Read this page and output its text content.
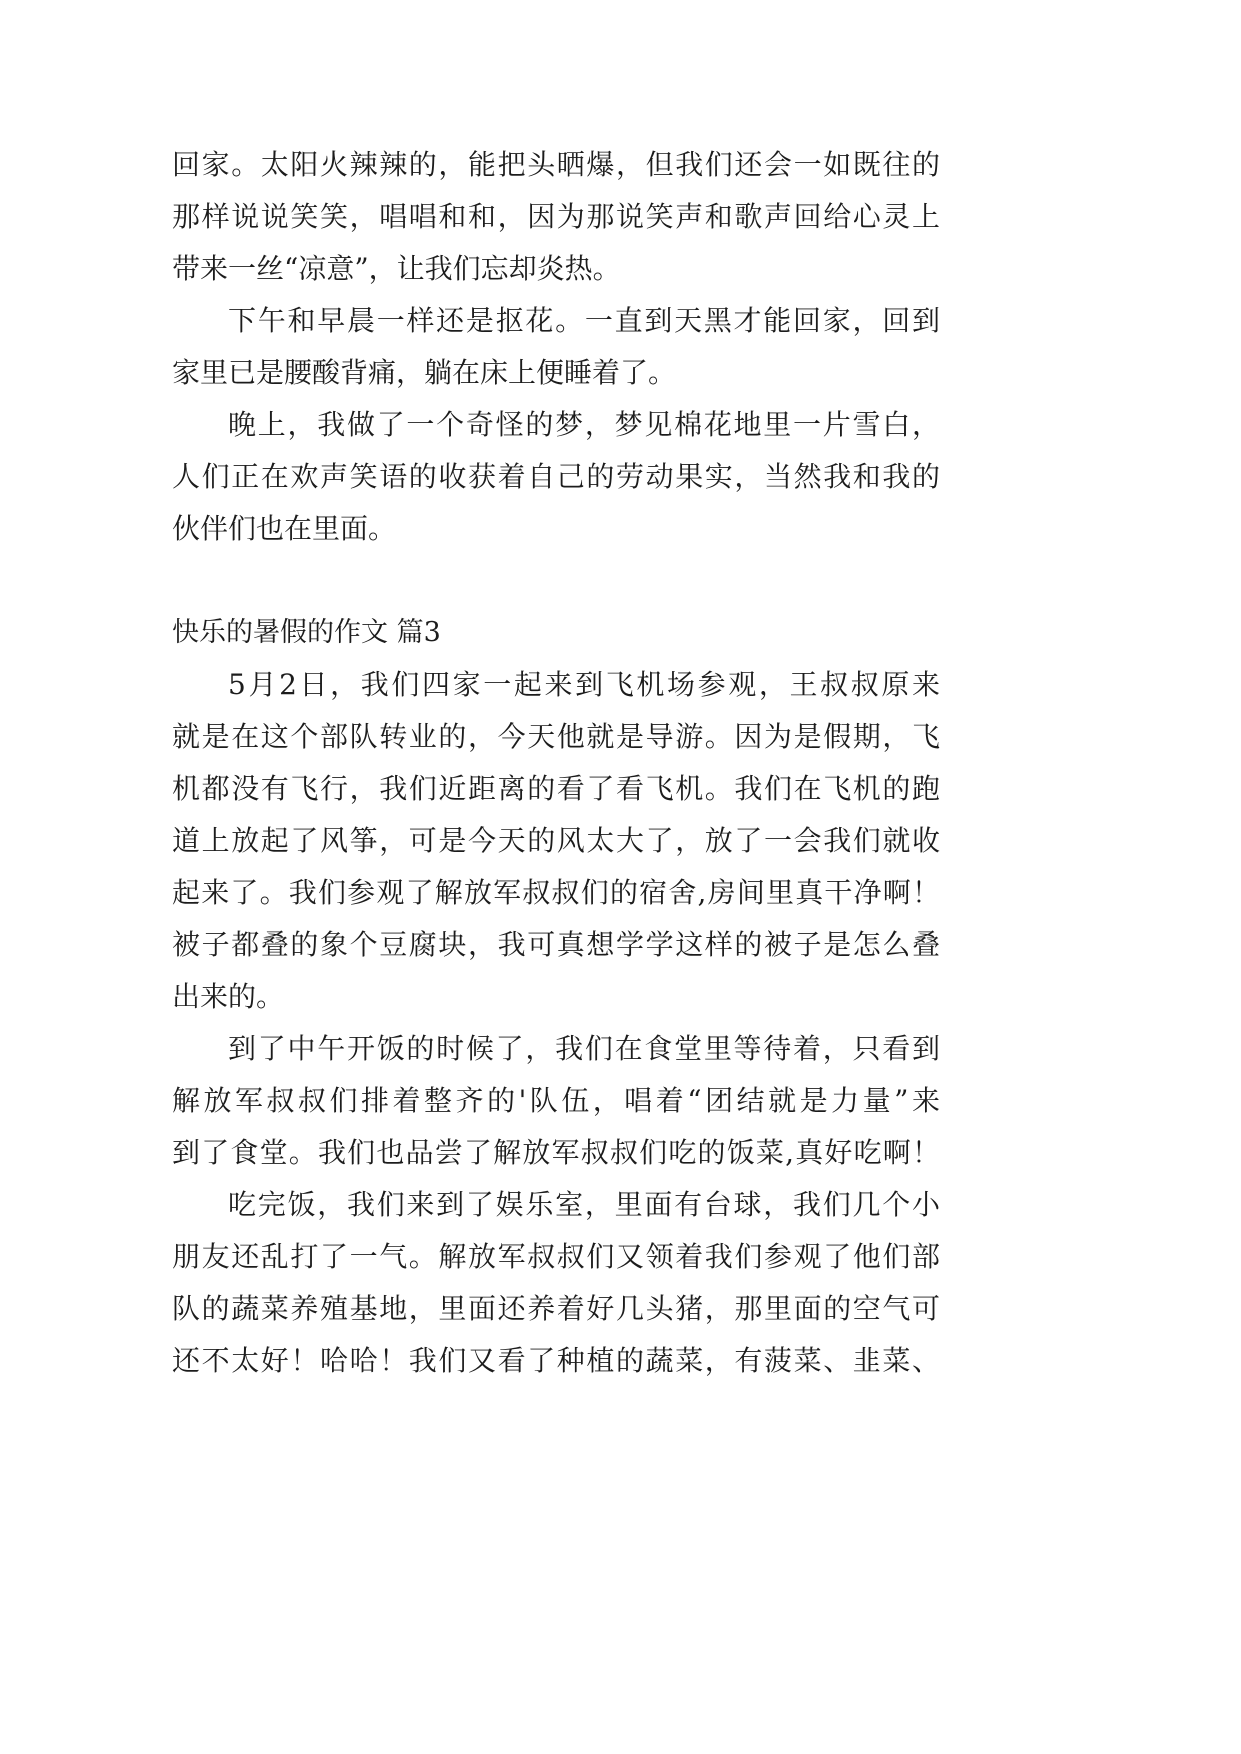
回家。太阳火辣辣的，能把头晒爆，但我们还会一如既往的
那样说说笑笑，唱唱和和，因为那说笑声和歌声回给心灵上
带来一丝“凉意”，让我们忘却炎热。
下午和早晨一样还是抠花。一直到天黑才能回家，回到
家里已是腰酸背痛，躺在床上便睡着了。
晚上，我做了一个奇怪的梦，梦见棉花地里一片雪白，
人们正在欢声笑语的收获着自己的劳动果实，当然我和我的
伙伴们也在里面。
快乐的暑假的作文 篇3
5月2日，我们四家一起来到飞机场参观，王叔叔原来
就是在这个部队转业的，今天他就是导游。因为是假期，飞
机都没有飞行，我们近距离的看了看飞机。我们在飞机的跑
道上放起了风筝，可是今天的风太大了，放了一会我们就收
起来了。我们参观了解放军叔叔们的宿舍,房间里真干净啊！
被子都叠的象个豆腐块，我可真想学学这样的被子是怎么叠
出来的。
到了中午开饭的时候了，我们在食堂里等待着，只看到
解放军叔叔们排着整齐的'队伍，唱着“团结就是力量”来
到了食堂。我们也品尝了解放军叔叔们吃的饭菜,真好吃啊！
吃完饭，我们来到了娱乐室，里面有台球，我们几个小
朋友还乱打了一气。解放军叔叔们又领着我们参观了他们部
队的蔬菜养殖基地，里面还养着好几头猪，那里面的空气可
还不太好！哈哈！我们又看了种植的蔬菜，有菠菜、韭菜、
